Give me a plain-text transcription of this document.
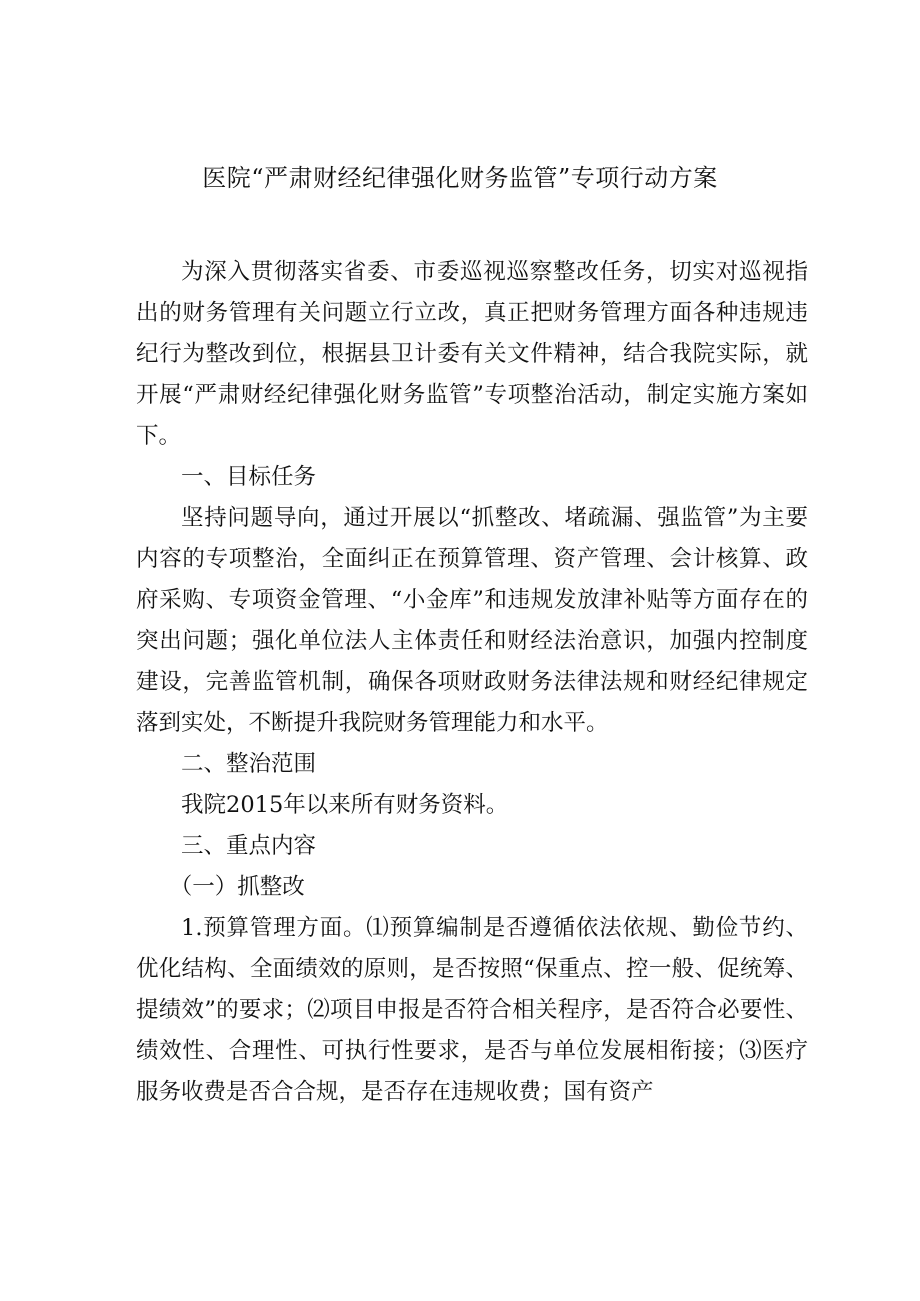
医院“严肃财经纪律强化财务监管”专项行动方案

为深入贯彻落实省委、市委巡视巡察整改任务，切实对巡视指出的财务管理有关问题立行立改，真正把财务管理方面各种违规违纪行为整改到位，根据县卫计委有关文件精神，结合我院实际，就开展“严肃财经纪律强化财务监管”专项整治活动，制定实施方案如下。

一、目标任务

坚持问题导向，通过开展以“抓整改、堵疏漏、强监管”为主要内容的专项整治，全面纠正在预算管理、资产管理、会计核算、政府采购、专项资金管理、“小金库”和违规发放津补贴等方面存在的突出问题；强化单位法人主体责任和财经法治意识，加强内控制度建设，完善监管机制，确保各项财政财务法律法规和财经纪律规定落到实处，不断提升我院财务管理能力和水平。

二、整治范围

我院2015年以来所有财务资料。

三、重点内容

（一）抓整改

1.预算管理方面。⑴预算编制是否遵循依法依规、勤俭节约、优化结构、全面绩效的原则，是否按照“保重点、控一般、促统筹、提绩效”的要求；⑵项目申报是否符合相关程序，是否符合必要性、绩效性、合理性、可执行性要求，是否与单位发展相衔接；⑶医疗服务收费是否合合规，是否存在违规收费；国有资产
